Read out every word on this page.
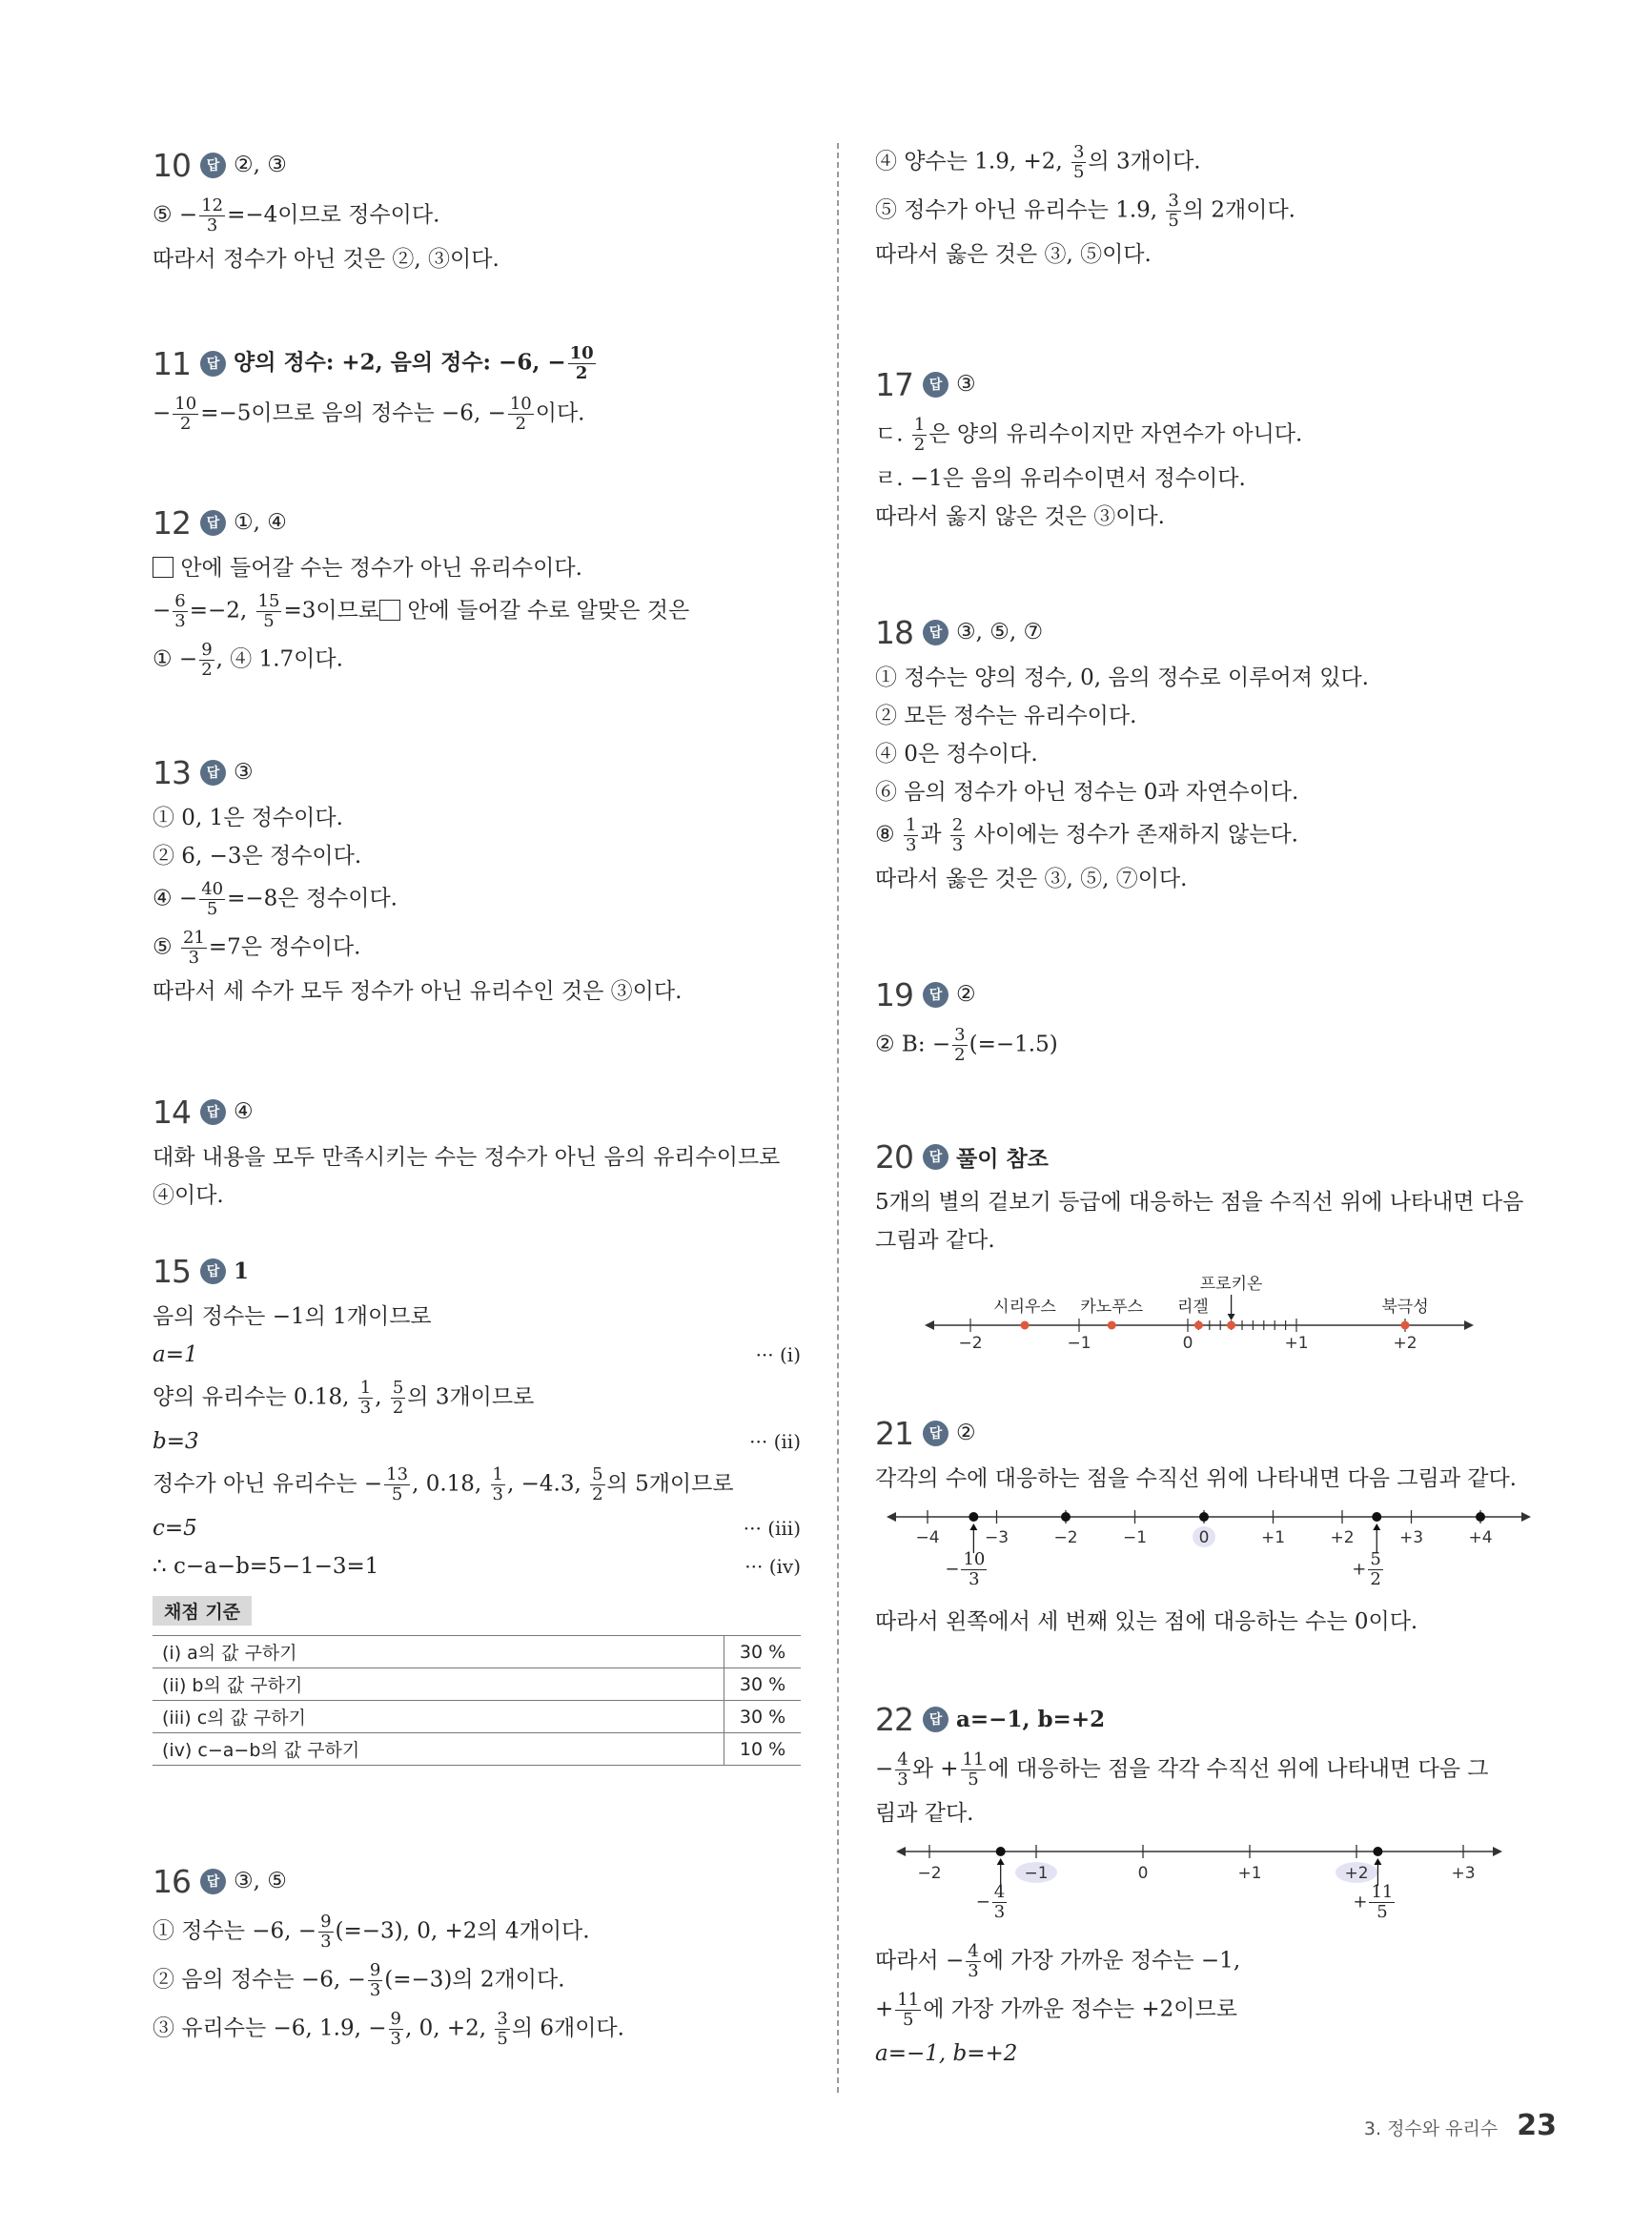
10	답 ②, ③
⑤ − $\frac{12}{3} =-4$이므로 정수이다.
따라서 정수가 아닌 것은 ②, ③이다.
11	답 양의 정수: +2, 음의 정수: −6, − $\frac{10}{2}$
− $\frac{10}{2} =-5$이므로 음의 정수는 −6, − $\frac{10}{2}$ 이다.
12	답 ①, ④
안에 들어갈 수는 정수가 아닌 유리수이다.
− $\frac{6}{3} =-2$, $\frac{15}{5} =3$이므로 안에 들어갈 수로 알맞은 것은
① − $\frac{9}{2}$ , ④ 1.7이다.
13	답 ③
① 0, 1은 정수이다.
② 6, −3은 정수이다.
④ − $\frac{40}{5} =-8$은 정수이다.
⑤ $\frac{21}{3} =7$은 정수이다.
따라서 세 수가 모두 정수가 아닌 유리수인 것은 ③이다.
14	답 ④
대화 내용을 모두 만족시키는 수는 정수가 아닌 음의 유리수이므로
④이다.
15	답 1
음의 정수는 −1의 1개이므로
a=1	··· (i)
양의 유리수는 0.18, $\frac{1}{3}$ , $\frac{5}{2}$ 의 3개이므로
b=3	··· (ii)
정수가 아닌 유리수는 − $\frac{13}{5}$ , 0.18, $\frac{1}{3}$ , −4.3, $\frac{5}{2}$ 의 5개이므로
c=5	··· (iii)
∴ c−a−b=5−1−3=1	··· (iv)
채점 기준
(i) a의 값 구하기	30 %
(ii) b의 값 구하기	30 %
(iii) c의 값 구하기	30 %
(iv) c−a−b의 값 구하기	10 %
16	답 ③, ⑤
① 정수는 −6, − $\frac{9}{3} (=-3)$, 0, +2의 4개이다.
② 음의 정수는 −6, − $\frac{9}{3} (=-3)$의 2개이다.
③ 유리수는 −6, 1.9, − $\frac{9}{3}$ , 0, +2, $\frac{3}{5}$ 의 6개이다.
④ 양수는 1.9, +2, $\frac{3}{5}$ 의 3개이다.
⑤ 정수가 아닌 유리수는 1.9, $\frac{3}{5}$ 의 2개이다.
따라서 옳은 것은 ③, ⑤이다.
17	답 ③
ㄷ. $\frac{1}{2}$ 은 양의 유리수이지만 자연수가 아니다.
ㄹ. −1은 음의 유리수이면서 정수이다.
따라서 옳지 않은 것은 ③이다.
18	답 ③, ⑤, ⑦
① 정수는 양의 정수, 0, 음의 정수로 이루어져 있다.
② 모든 정수는 유리수이다.
④ 0은 정수이다.
⑥ 음의 정수가 아닌 정수는 0과 자연수이다.
⑧ $\frac{1}{3}$ 과 $\frac{2}{3}$ 사이에는 정수가 존재하지 않는다.
따라서 옳은 것은 ③, ⑤, ⑦이다.
19	답 ②
② B: − $\frac{3}{2} (=-1.5)$
20	답 풀이 참조
5개의 별의 겉보기 등급에 대응하는 점을 수직선 위에 나타내면 다음
그림과 같다.
−2	−1	0	+1	+2
시리우스 카노푸스 리겔
프로키온
북극성
21	답 ②
각각의 수에 대응하는 점을 수직선 위에 나타내면 다음 그림과 같다.
−4	−3	−2	−1	0	+1	+2	+3	+4
− $\frac{10}{3}$	+ $\frac{5}{2}$
따라서 왼쪽에서 세 번째 있는 점에 대응하는 수는 0이다.
22	답 a=−1, b=+2
− $\frac{4}{3}$ 와 + $\frac{11}{5}$ 에 대응하는 점을 각각 수직선 위에 나타내면 다음 그
림과 같다.
−2	−1	0	+1	+2	+3
− $\frac{4}{3}$	+ $\frac{11}{5}$
따라서 − $\frac{4}{3}$ 에 가장 가까운 정수는 −1,
+ $\frac{11}{5}$ 에 가장 가까운 정수는 +2이므로
a=−1, b=+2
3. 정수와 유리수 23
